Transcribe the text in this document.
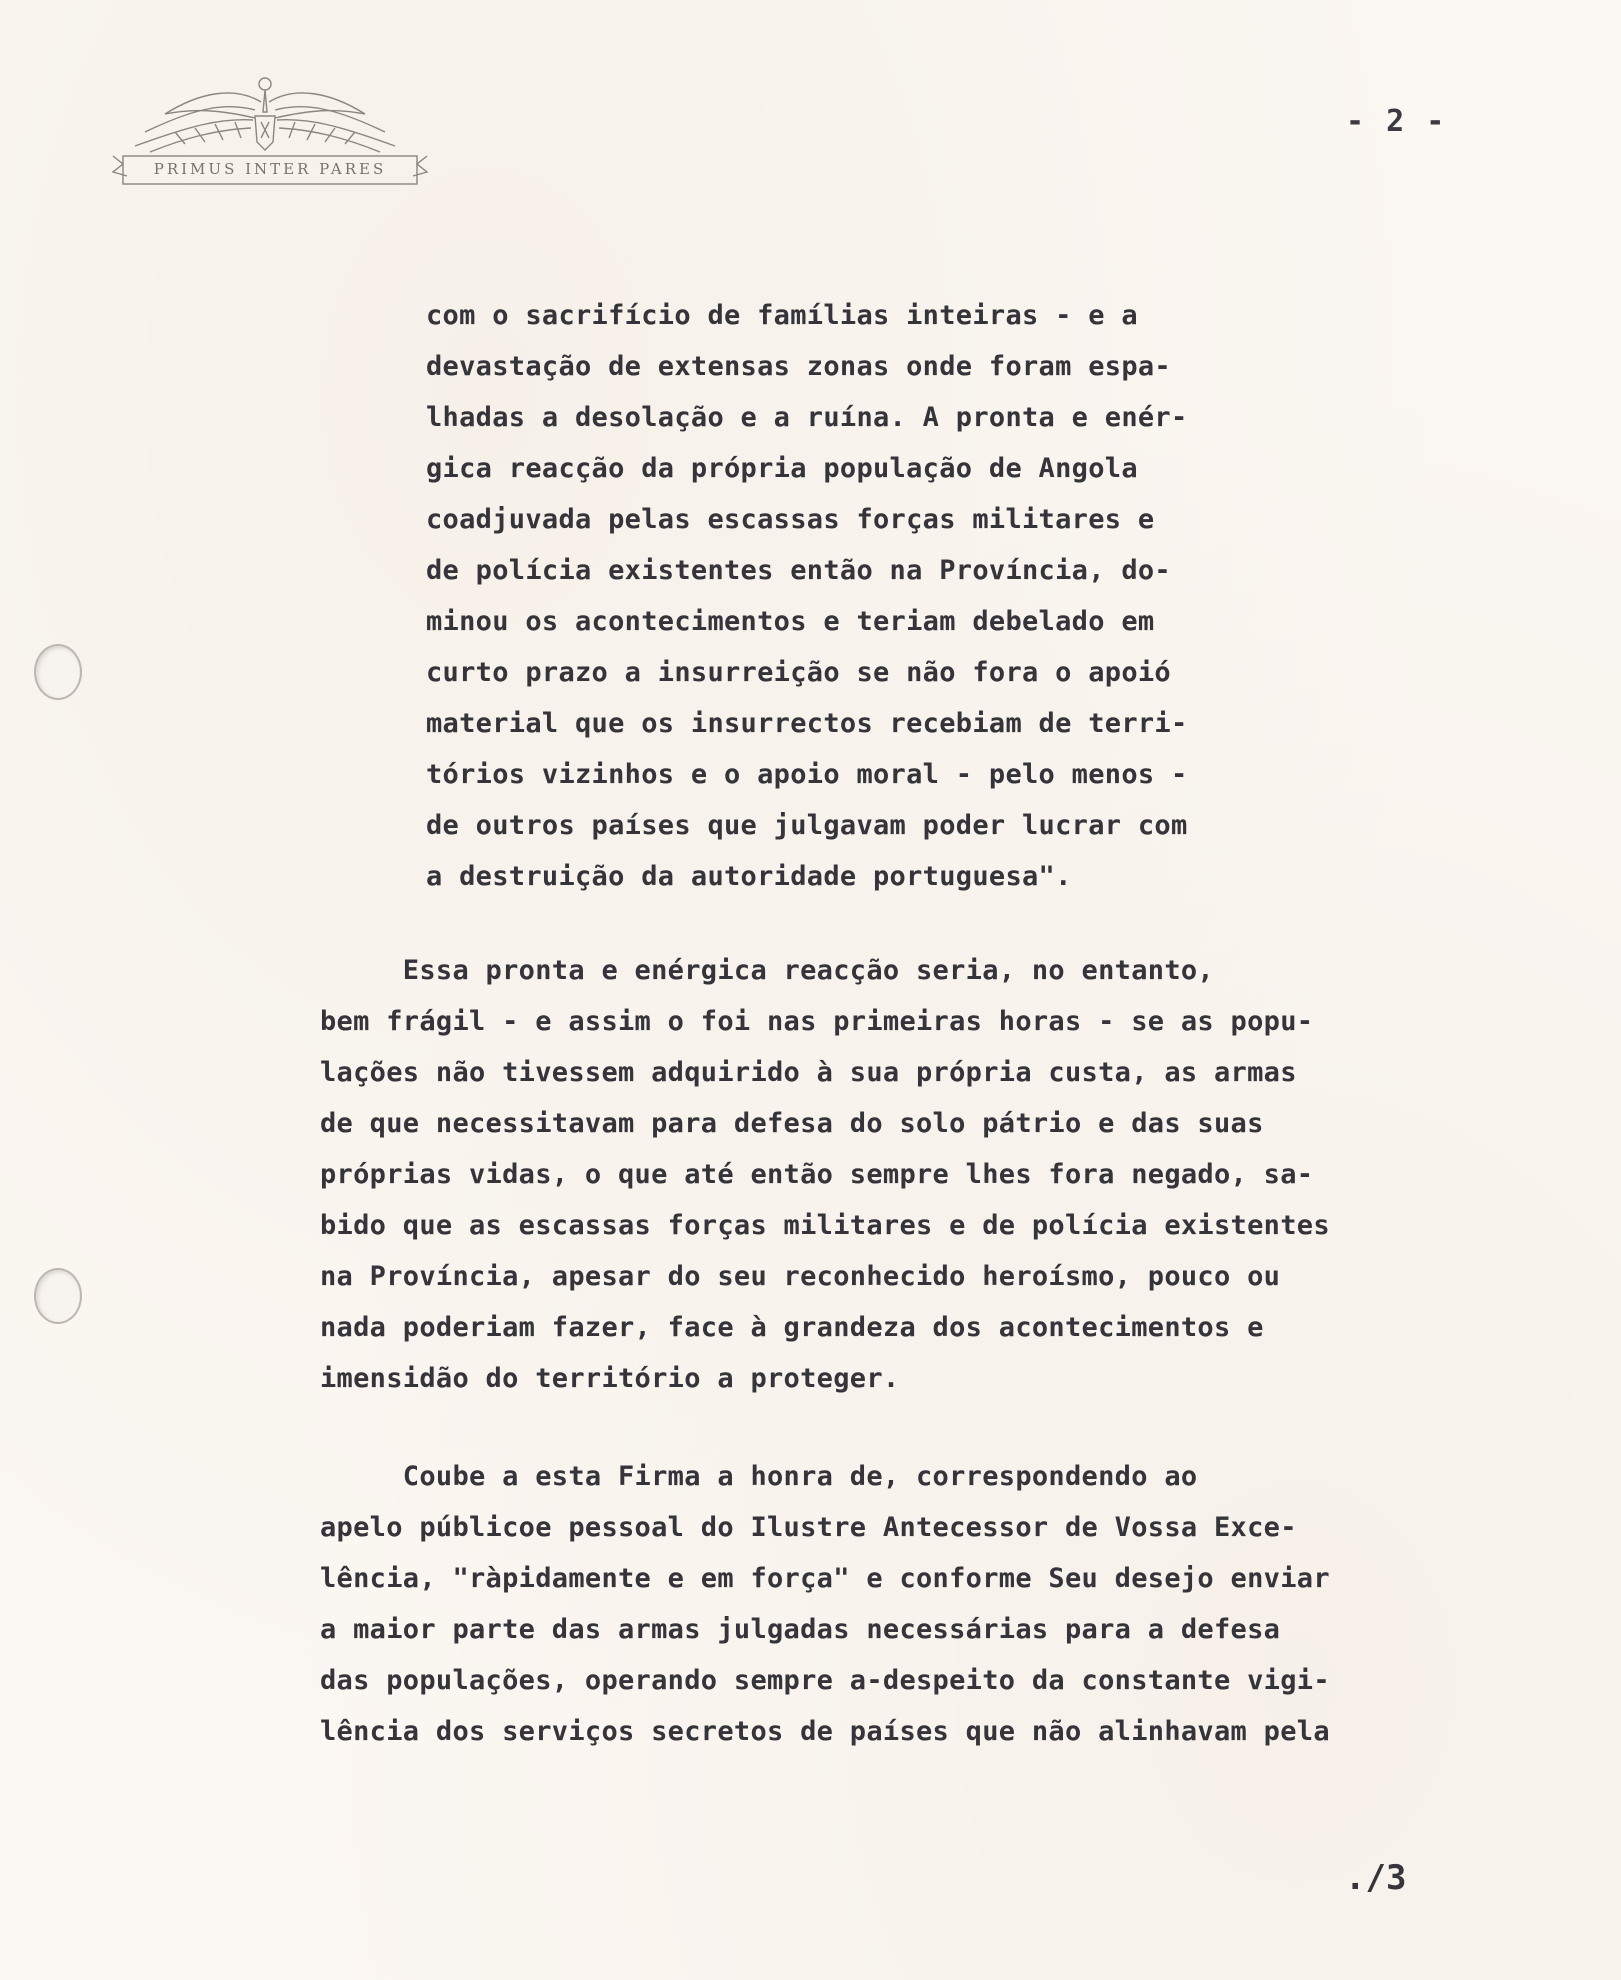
PRIMUS INTER PARES
- 2 -
com o sacrifício de famílias inteiras - e a
devastação de extensas zonas onde foram espa-
lhadas a desolação e a ruína. A pronta e enér-
gica reacção da própria população de Angola
coadjuvada pelas escassas forças militares e
de polícia existentes então na Província, do-
minou os acontecimentos e teriam debelado em
curto prazo a insurreição se não fora o apoió
material que os insurrectos recebiam de terri-
tórios vizinhos e o apoio moral - pelo menos -
de outros países que julgavam poder lucrar com
a destruição da autoridade portuguesa".
Essa pronta e enérgica reacção seria, no entanto,
bem frágil - e assim o foi nas primeiras horas - se as popu-
lações não tivessem adquirido à sua própria custa, as armas
de que necessitavam para defesa do solo pátrio e das suas
próprias vidas, o que até então sempre lhes fora negado, sa-
bido que as escassas forças militares e de polícia existentes
na Província, apesar do seu reconhecido heroísmo, pouco ou
nada poderiam fazer, face à grandeza dos acontecimentos e
imensidão do território a proteger.
Coube a esta Firma a honra de, correspondendo ao
apelo públicoe pessoal do Ilustre Antecessor de Vossa Exce-
lência, "ràpidamente e em força" e conforme Seu desejo enviar
a maior parte das armas julgadas necessárias para a defesa
das populações, operando sempre a-despeito da constante vigi-
lência dos serviços secretos de países que não alinhavam pela
./3
